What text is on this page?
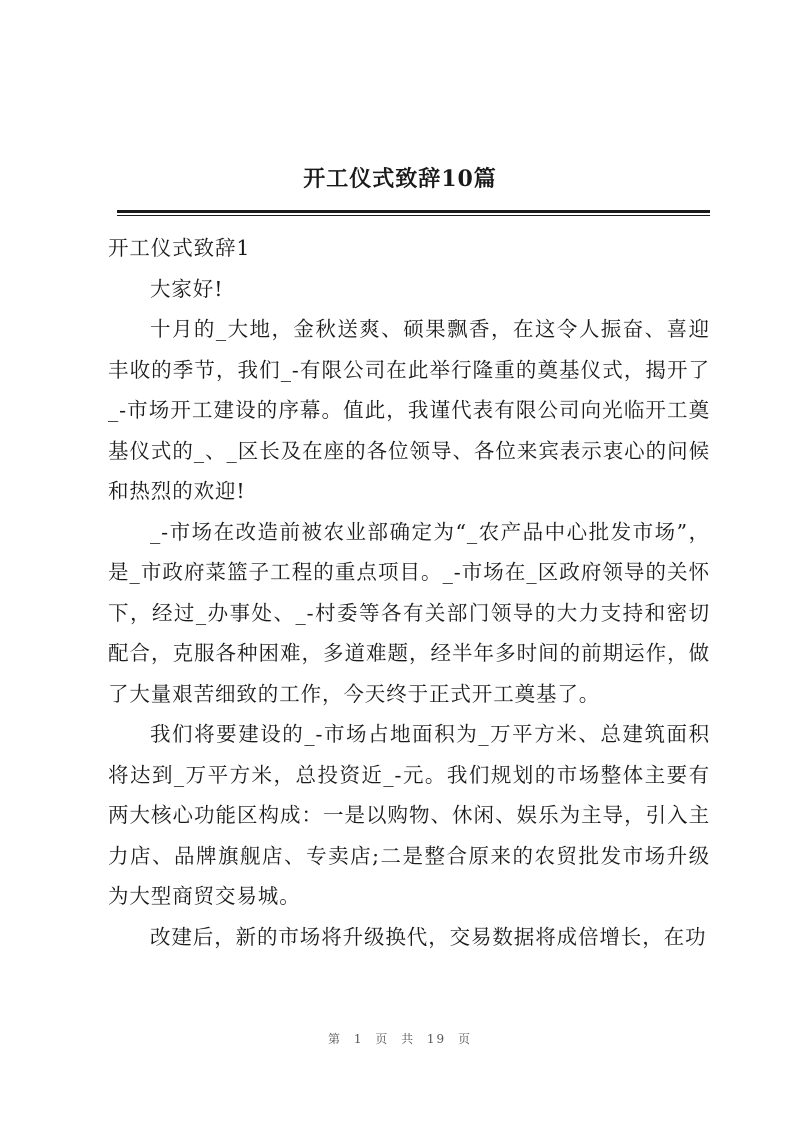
开工仪式致辞10篇

开工仪式致辞1

大家好!

十月的_大地，金秋送爽、硕果飘香，在这令人振奋、喜迎丰收的季节，我们_-有限公司在此举行隆重的奠基仪式，揭开了_-市场开工建设的序幕。值此，我谨代表有限公司向光临开工奠基仪式的_、_区长及在座的各位领导、各位来宾表示衷心的问候和热烈的欢迎!

_-市场在改造前被农业部确定为“_农产品中心批发市场”，是_市政府菜篮子工程的重点项目。_-市场在_区政府领导的关怀下，经过_办事处、_-村委等各有关部门领导的大力支持和密切配合，克服各种困难，多道难题，经半年多时间的前期运作，做了大量艰苦细致的工作，今天终于正式开工奠基了。

我们将要建设的_-市场占地面积为_万平方米、总建筑面积将达到_万平方米，总投资近_-元。我们规划的市场整体主要有两大核心功能区构成：一是以购物、休闲、娱乐为主导，引入主力店、品牌旗舰店、专卖店;二是整合原来的农贸批发市场升级为大型商贸交易城。

改建后，新的市场将升级换代，交易数据将成倍增长，在功

第 1 页 共 19 页
